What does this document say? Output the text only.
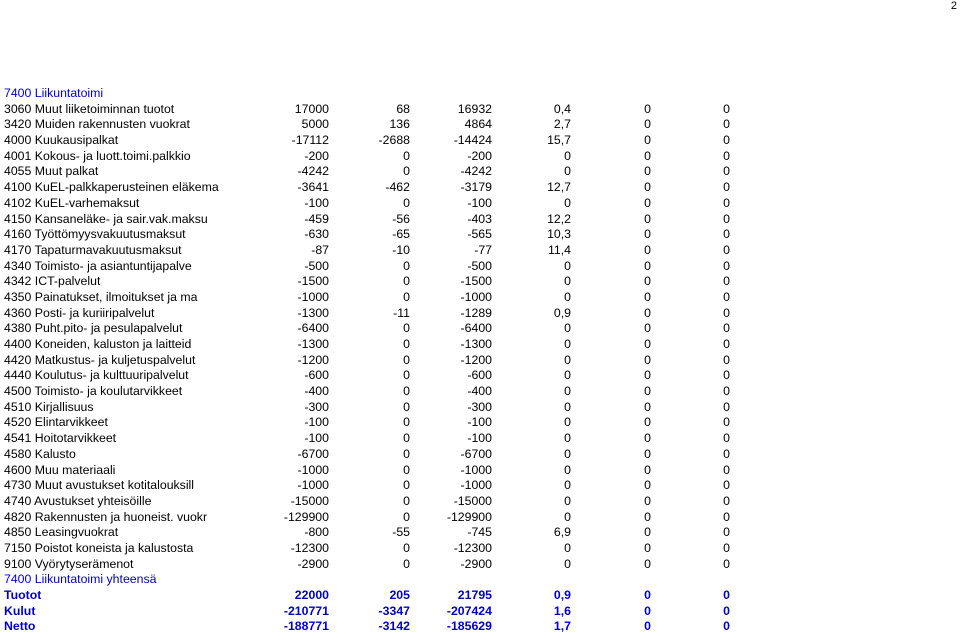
2
7400 Liikuntatoimi
3060 Muut liiketoiminnan tuotot	17000	68	16932	0,4	0	0
3420 Muiden rakennusten vuokrat	5000	136	4864	2,7	0	0
4000 Kuukausipalkat	-17112	-2688	-14424	15,7	0	0
4001 Kokous- ja luott.toimi.palkkio	-200	0	-200	0	0	0
4055 Muut palkat	-4242	0	-4242	0	0	0
4100 KuEL-palkkaperusteinen eläkema	-3641	-462	-3179	12,7	0	0
4102 KuEL-varhemaksut	-100	0	-100	0	0	0
4150 Kansaneläke- ja sair.vak.maksu	-459	-56	-403	12,2	0	0
4160 Työttömyysvakuutusmaksut	-630	-65	-565	10,3	0	0
4170 Tapaturmavakuutusmaksut	-87	-10	-77	11,4	0	0
4340 Toimisto- ja asiantuntijapalve	-500	0	-500	0	0	0
4342 ICT-palvelut	-1500	0	-1500	0	0	0
4350 Painatukset, ilmoitukset ja ma	-1000	0	-1000	0	0	0
4360 Posti- ja kuriiripalvelut	-1300	-11	-1289	0,9	0	0
4380 Puht.pito- ja pesulapalvelut	-6400	0	-6400	0	0	0
4400 Koneiden, kaluston ja laitteid	-1300	0	-1300	0	0	0
4420 Matkustus- ja kuljetuspalvelut	-1200	0	-1200	0	0	0
4440 Koulutus- ja kulttuuripalvelut	-600	0	-600	0	0	0
4500 Toimisto- ja koulutarvikkeet	-400	0	-400	0	0	0
4510 Kirjallisuus	-300	0	-300	0	0	0
4520 Elintarvikkeet	-100	0	-100	0	0	0
4541 Hoitotarvikkeet	-100	0	-100	0	0	0
4580 Kalusto	-6700	0	-6700	0	0	0
4600 Muu materiaali	-1000	0	-1000	0	0	0
4730 Muut avustukset kotitalouksill	-1000	0	-1000	0	0	0
4740 Avustukset yhteisöille	-15000	0	-15000	0	0	0
4820 Rakennusten ja huoneist. vuokr	-129900	0	-129900	0	0	0
4850 Leasingvuokrat	-800	-55	-745	6,9	0	0
7150 Poistot koneista ja kalustosta	-12300	0	-12300	0	0	0
9100 Vyörytyserämenot	-2900	0	-2900	0	0	0
7400 Liikuntatoimi yhteensä
Tuotot	22000	205	21795	0,9	0	0
Kulut	-210771	-3347	-207424	1,6	0	0
Netto	-188771	-3142	-185629	1,7	0	0
